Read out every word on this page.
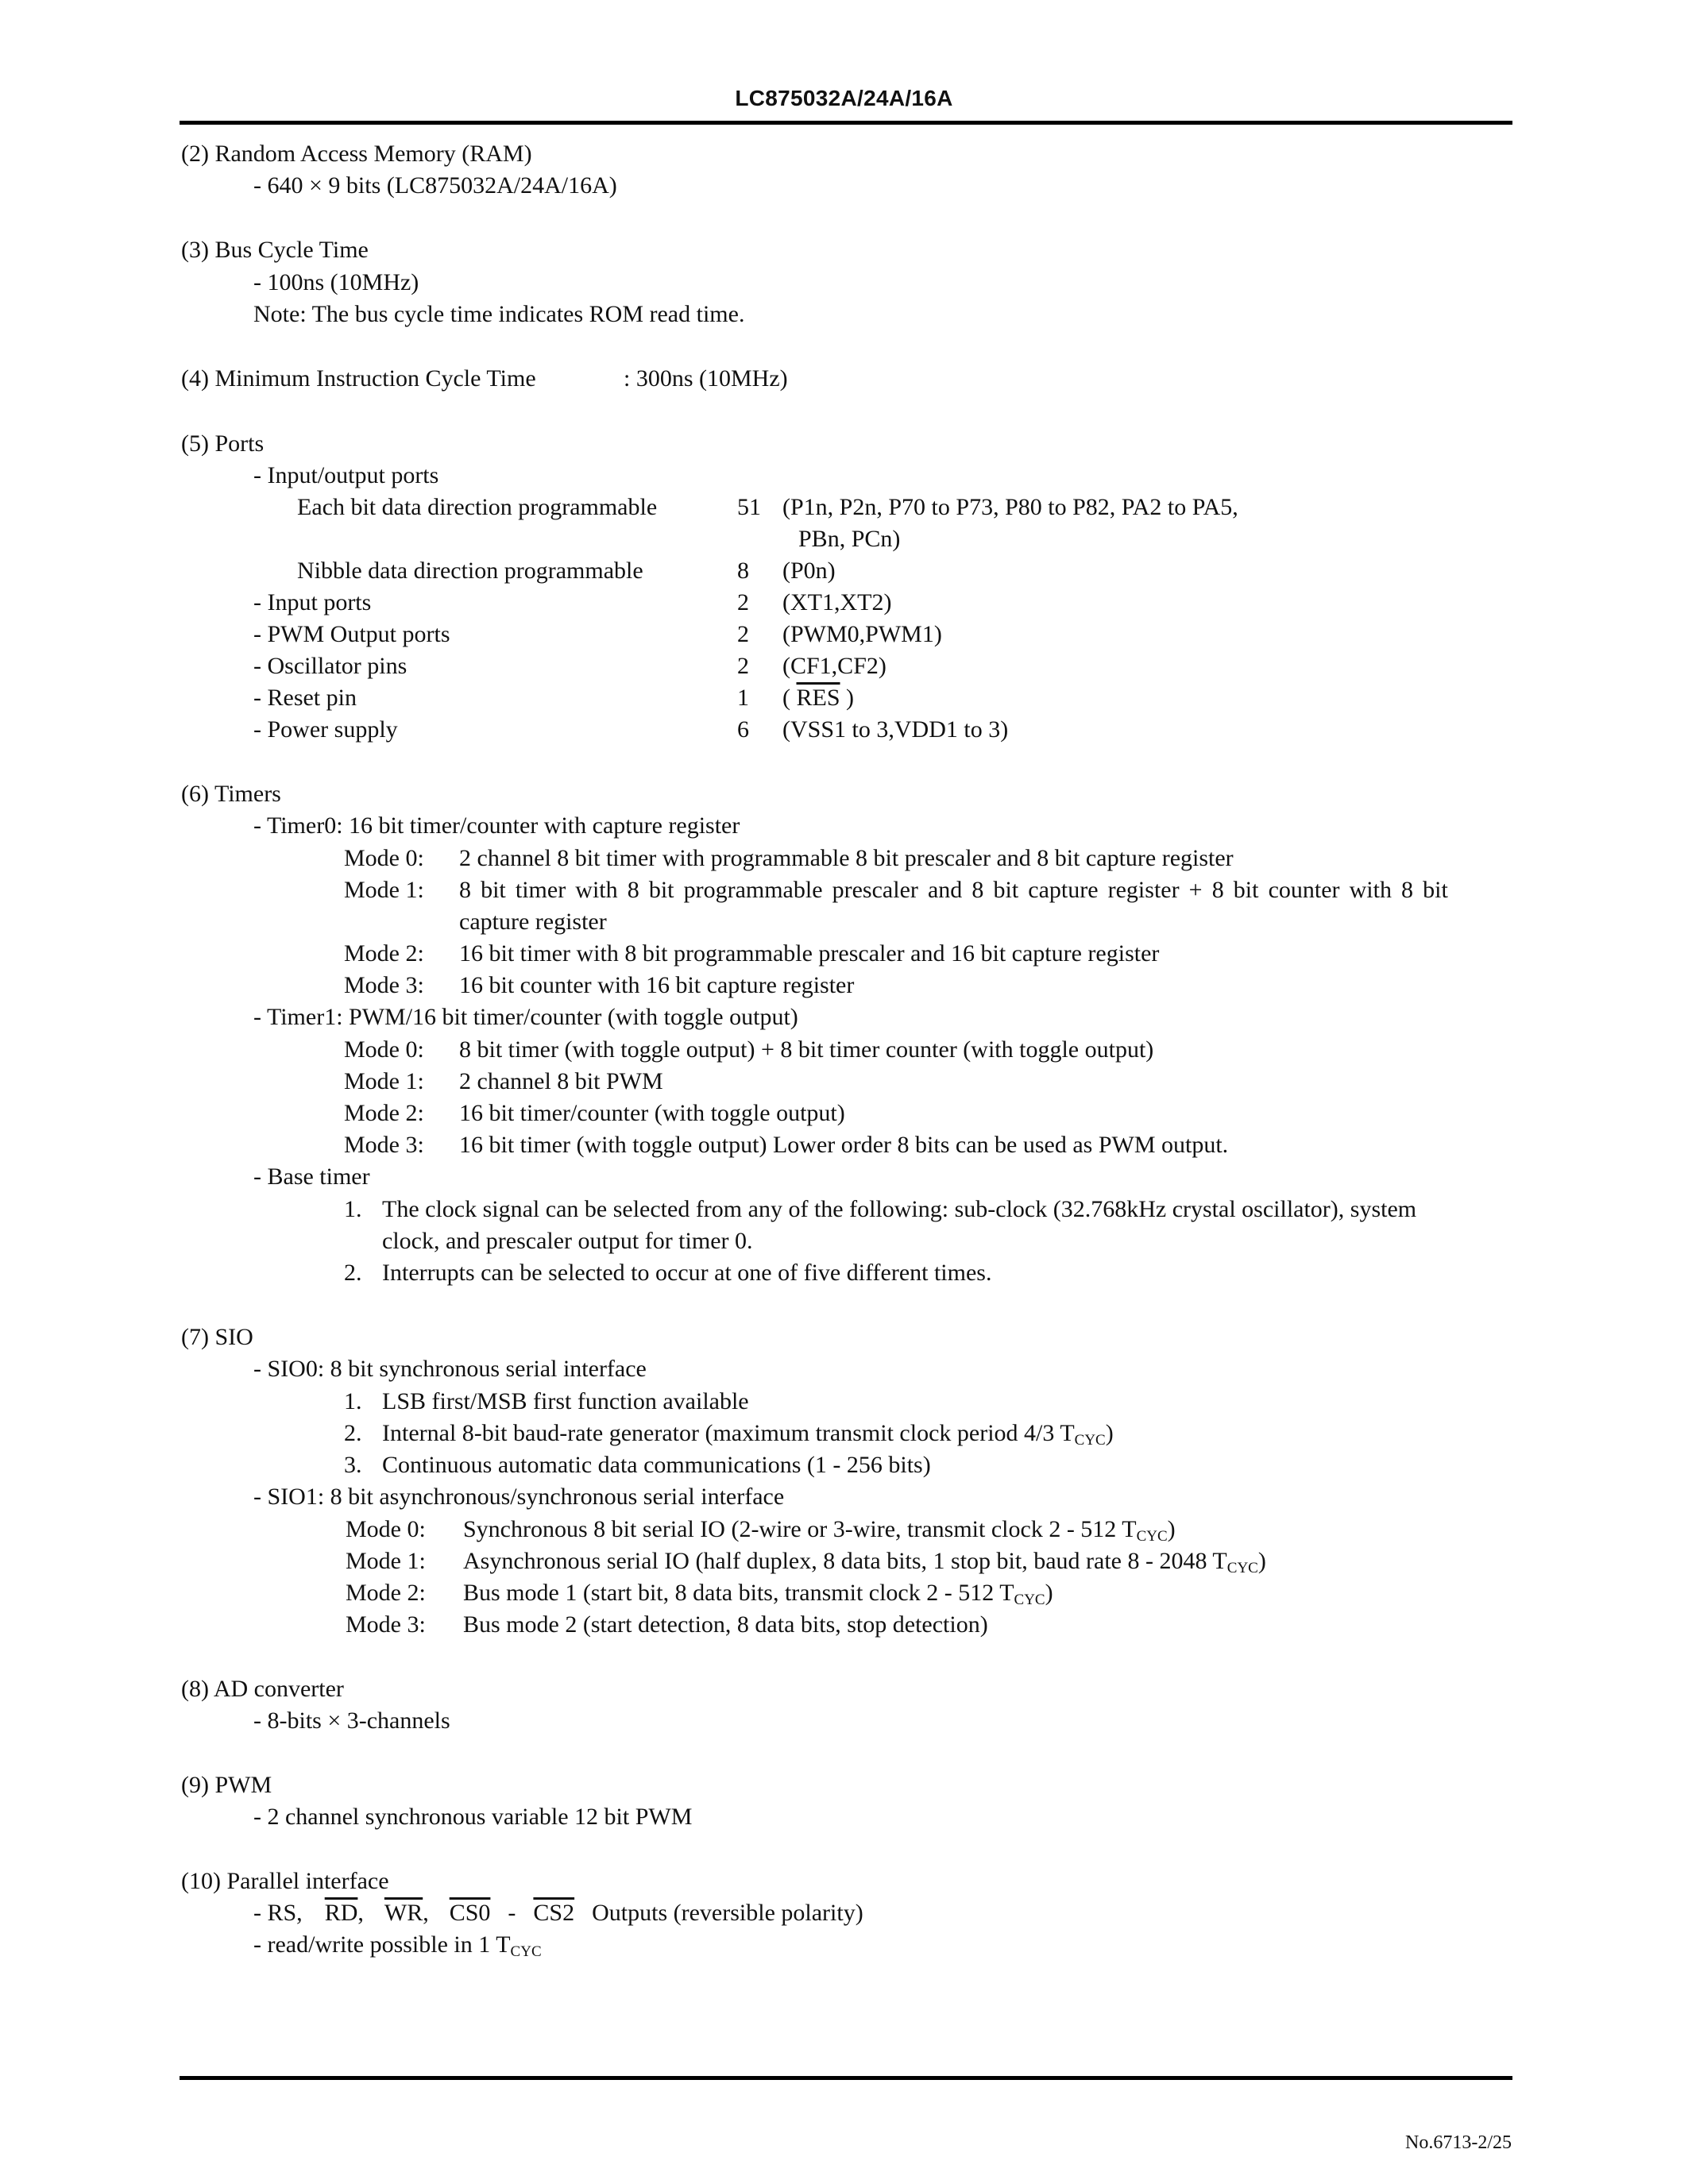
LC875032A/24A/16A
(2) Random Access Memory (RAM)
- 640 × 9 bits (LC875032A/24A/16A)
(3) Bus Cycle Time
- 100ns (10MHz)
Note: The bus cycle time indicates ROM read time.
(4) Minimum Instruction Cycle Time	: 300ns (10MHz)
(5) Ports
- Input/output ports
Each bit data direction programmable	51 (P1n, P2n, P70 to P73, P80 to P82, PA2 to PA5,
PBn, PCn)
Nibble data direction programmable	8 (P0n)
- Input ports	2 (XT1,XT2)
- PWM Output ports	2 (PWM0,PWM1)
- Oscillator pins	2 (CF1,CF2)
- Reset pin	1 ( $\overline{RES}$ )
- Power supply	6 (VSS1 to 3,VDD1 to 3)
(6) Timers
- Timer0: 16 bit timer/counter with capture register
Mode 0: 2 channel 8 bit timer with programmable 8 bit prescaler and 8 bit capture register
Mode 1: 8 bit timer with 8 bit programmable prescaler and 8 bit capture register + 8 bit counter with 8 bit
capture register
Mode 2: 16 bit timer with 8 bit programmable prescaler and 16 bit capture register
Mode 3: 16 bit counter with 16 bit capture register
- Timer1: PWM/16 bit timer/counter (with toggle output)
Mode 0: 8 bit timer (with toggle output) + 8 bit timer counter (with toggle output)
Mode 1: 2 channel 8 bit PWM
Mode 2: 16 bit timer/counter (with toggle output)
Mode 3: 16 bit timer (with toggle output) Lower order 8 bits can be used as PWM output.
- Base timer
1. The clock signal can be selected from any of the following: sub-clock (32.768kHz crystal oscillator), system
clock, and prescaler output for timer 0.
2. Interrupts can be selected to occur at one of five different times.
(7) SIO
- SIO0: 8 bit synchronous serial interface
1. LSB first/MSB first function available
2. Internal 8-bit baud-rate generator (maximum transmit clock period 4/3 $T_{CYC}$)
3. Continuous automatic data communications (1 - 256 bits)
- SIO1: 8 bit asynchronous/synchronous serial interface
Mode 0: Synchronous 8 bit serial IO (2-wire or 3-wire, transmit clock 2 - 512 $T_{CYC}$)
Mode 1: Asynchronous serial IO (half duplex, 8 data bits, 1 stop bit, baud rate 8 - 2048 $T_{CYC}$)
Mode 2: Bus mode 1 (start bit, 8 data bits, transmit clock 2 - 512 $T_{CYC}$)
Mode 3: Bus mode 2 (start detection, 8 data bits, stop detection)
(8) AD converter
- 8-bits × 3-channels
(9) PWM
- 2 channel synchronous variable 12 bit PWM
(10) Parallel interface
- RS, $\overline{RD}$, $\overline{WR}$, CS0 - CS2 Outputs (reversible polarity)
- read/write possible in 1 $T_{CYC}$
No.6713-2/25
